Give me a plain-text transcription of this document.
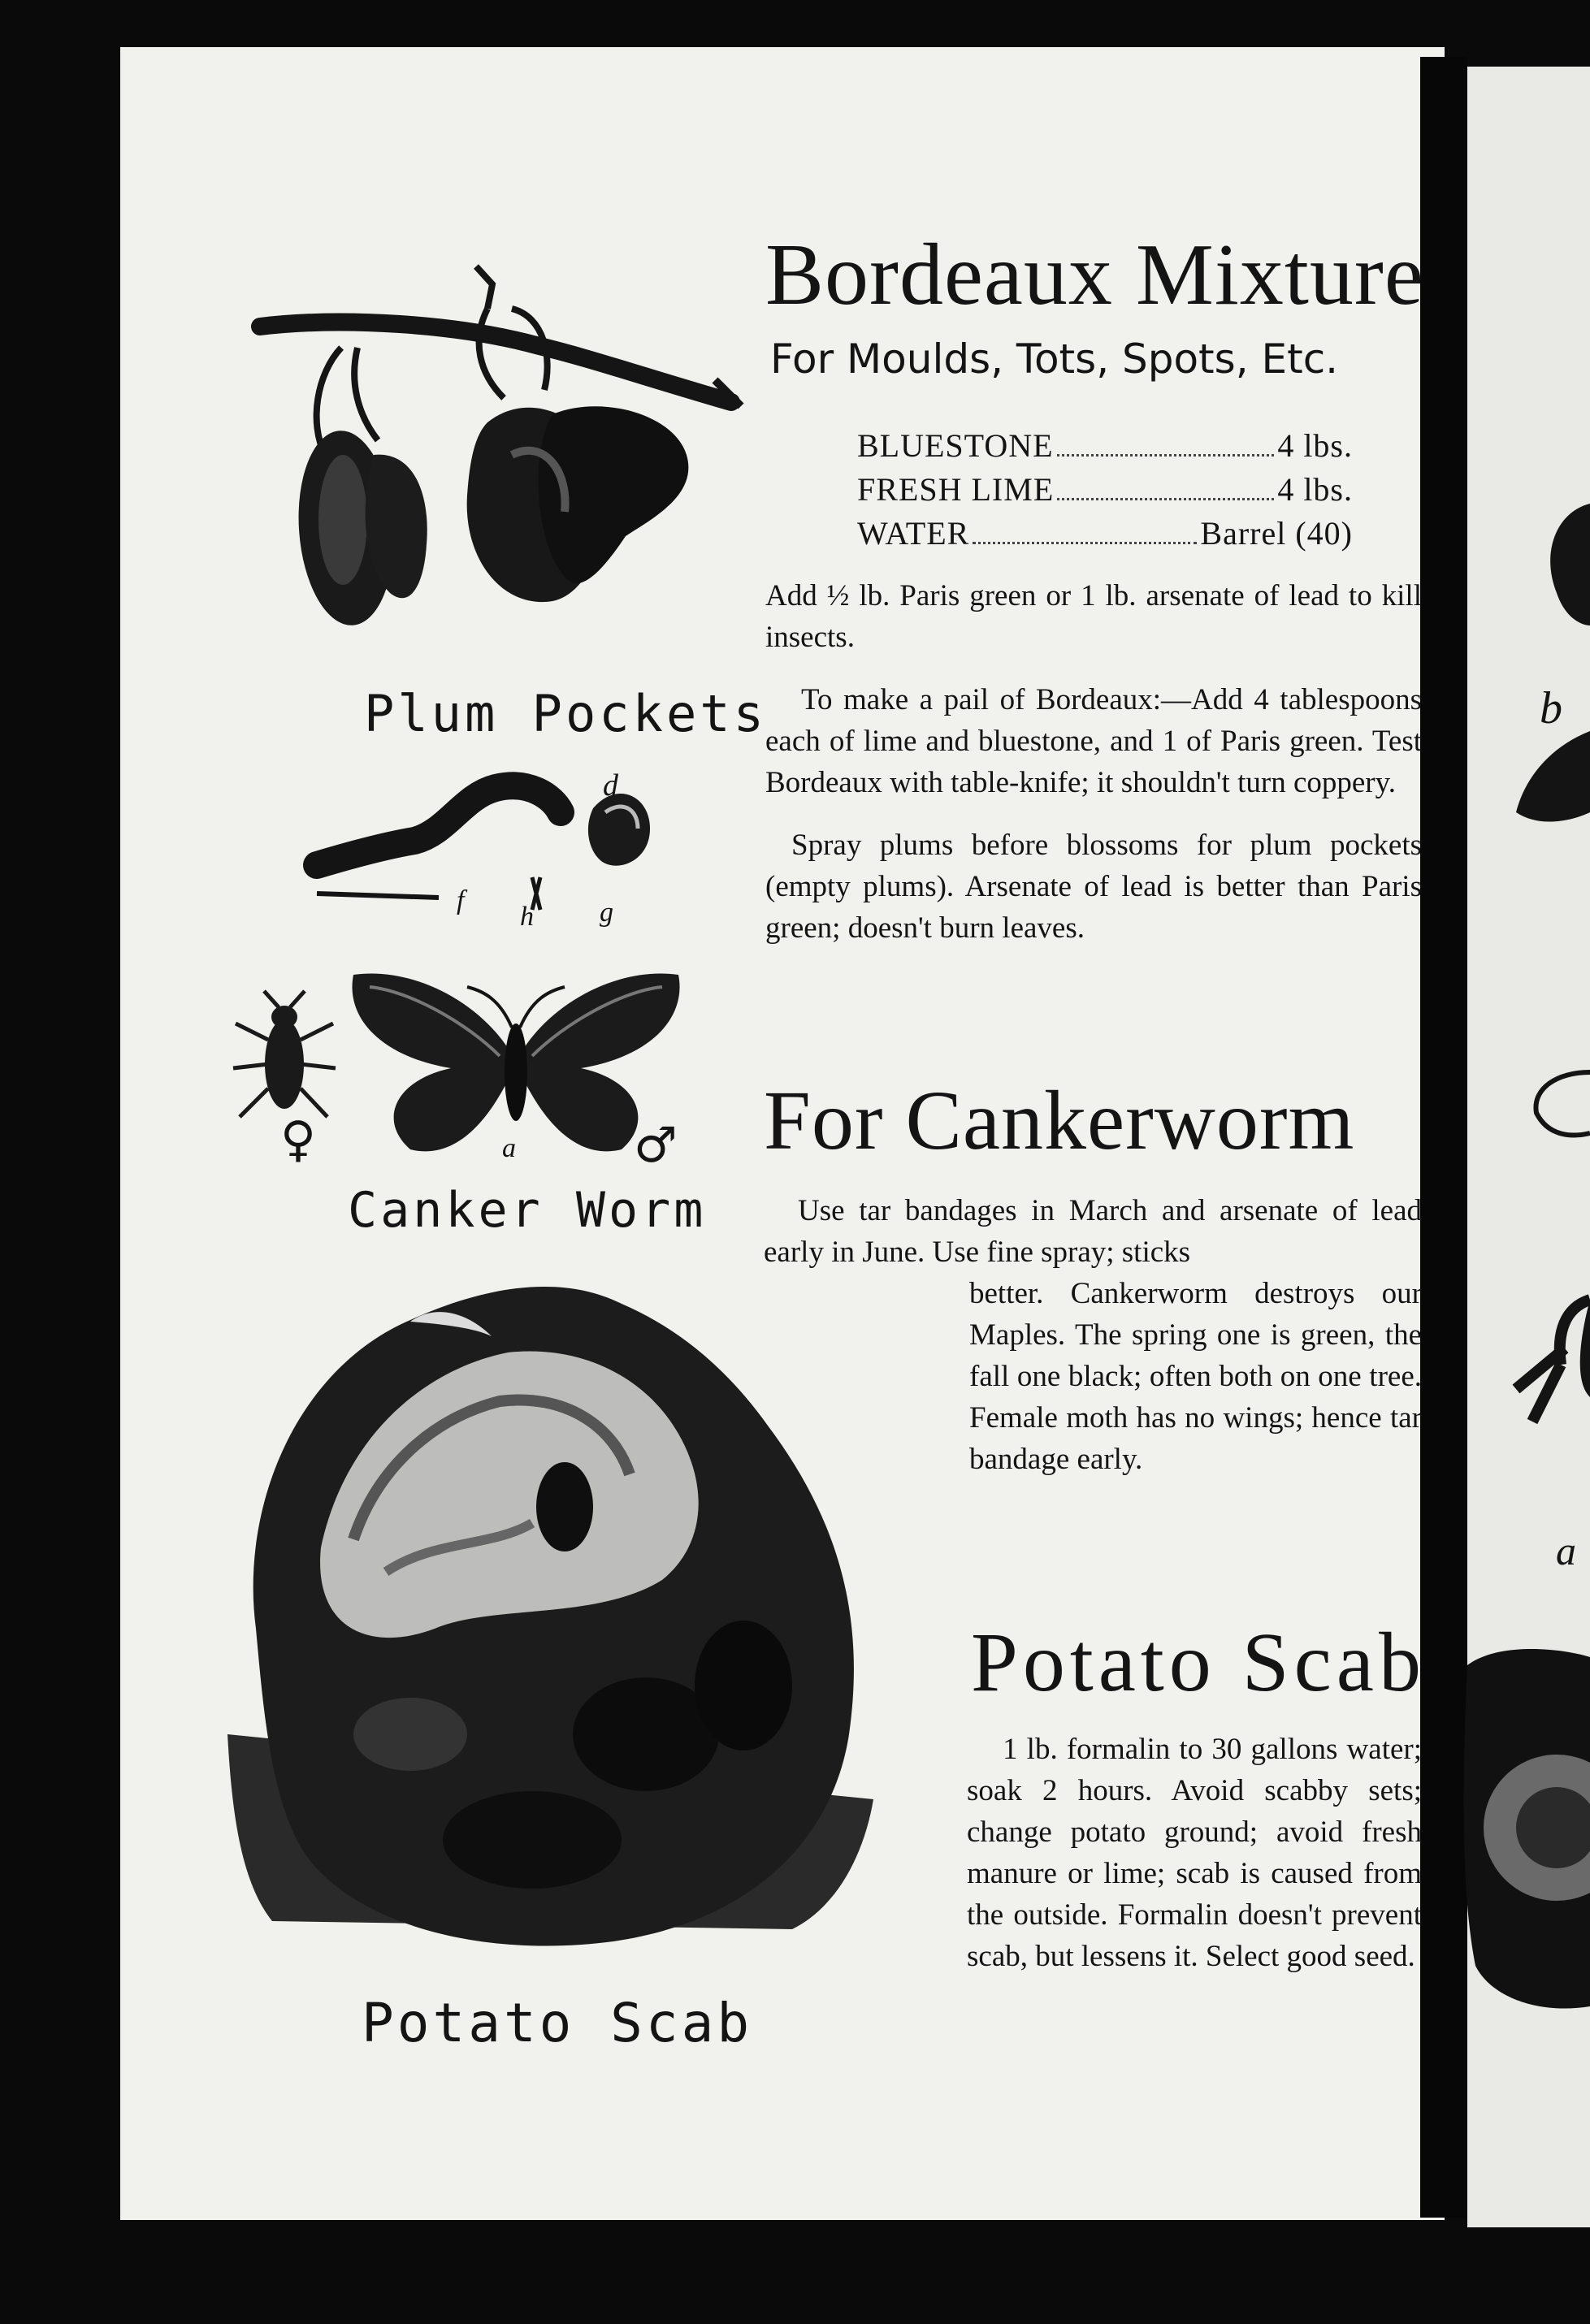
Bordeaux Mixture
For Moulds, Tots, Spots, Etc.
BLUESTONE	4 lbs.
FRESH LIME	4 lbs.
WATER	Barrel (40)

Add ½ lb. Paris green or 1 lb. arsenate of lead to kill insects.

To make a pail of Bordeaux:—Add 4 tablespoons each of lime and bluestone, and 1 of Paris green. Test Bordeaux with table-knife; it shouldn't turn coppery.

Spray plums before blossoms for plum pockets (empty plums). Arsenate of lead is better than Paris green; doesn't burn leaves.

For Cankerworm
Use tar bandages in March and arsenate of lead early in June. Use fine spray; sticks
better. Cankerworm destroys our Maples. The spring one is green, the fall one black; often both on one tree. Female moth has no wings; hence tar bandage early.
Potato Scab
1 lb. formalin to 30 gallons water; soak 2 hours. Avoid scabby sets; change potato ground; avoid fresh manure or lime; scab is caused from the outside. Formalin doesn't prevent scab, but lessens it. Select good seed.
Plum Pockets
d
f
h g
♀	a ♂
Canker Worm
Potato Scab
b
a
